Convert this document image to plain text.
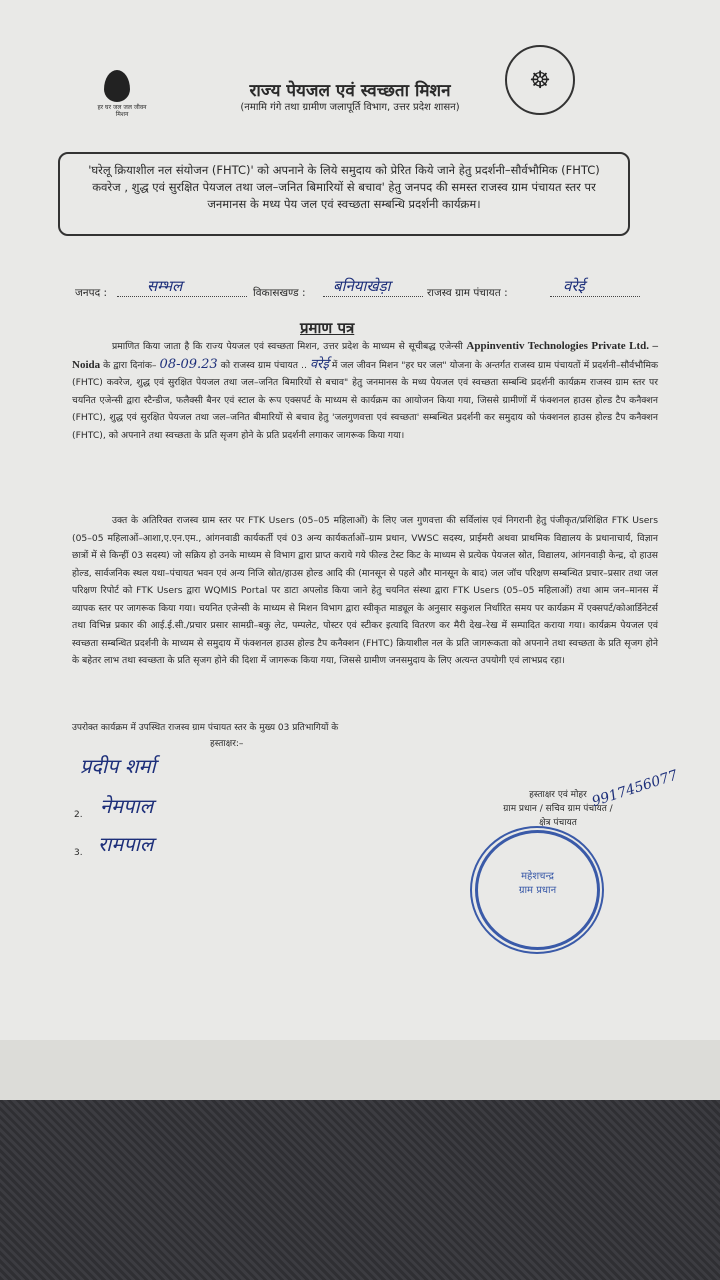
हर घर जल जल जीवन मिशन
☸
राज्य पेयजल एवं स्वच्छता मिशन
(नमामि गंगे तथा ग्रामीण जलापूर्ति विभाग, उत्तर प्रदेश शासन)
'घरेलू क्रियाशील नल संयोजन (FHTC)' को अपनाने के लिये समुदाय को प्रेरित किये जाने हेतु प्रदर्शनी–सौर्वभौमिक (FHTC) कवरेज , शुद्ध एवं सुरक्षित पेयजल तथा जल–जनित बिमारियों से बचाव' हेतु जनपद की समस्त राजस्व ग्राम पंचायत स्तर पर जनमानस के मध्य पेय जल एवं स्वच्छता सम्बन्धि प्रदर्शनी कार्यक्रम।
जनपद :	सम्भल	विकासखण्ड : बनियाखेड़ा	राजस्व ग्राम पंचायत :	वरेई
प्रमाण पत्र
प्रमाणित किया जाता है कि राज्य पेयजल एवं स्वच्छता मिशन, उत्तर प्रदेश के माध्यम से सूचीबद्ध एजेन्सी Appinventiv Technologies Private Ltd. – Noida के द्वारा दिनांक– 08-09.23 को राजस्व ग्राम पंचायत .. वरेई में जल जीवन मिशन "हर घर जल" योजना के अन्तर्गत राजस्व ग्राम पंचायतों में प्रदर्शनी–सौर्वभौमिक (FHTC) कवरेज, शुद्ध एवं सुरक्षित पेयजल तथा जल–जनित बिमारियों से बचाव" हेतु जनमानस के मध्य पेयजल एवं स्वच्छता सम्बन्धि प्रदर्शनी कार्यक्रम राजस्व ग्राम स्तर पर चयनित एजेन्सी द्वारा स्टैन्डीज, फलैक्सी बैनर एवं स्टाल के रूप एक्सपर्ट के माध्यम से कार्यक्रम का आयोजन किया गया, जिससे ग्रामीणों में फंक्शनल हाउस होल्ड टैप कनैक्शन (FHTC), शुद्ध एवं सुरक्षित पेयजल तथा जल–जनित बीमारियों से बचाव हेतु 'जलगुणवत्ता एवं स्वच्छता' सम्बन्धित प्रदर्शनी कर समुदाय को फंक्शनल हाउस होल्ड टैप कनैक्शन (FHTC), को अपनाने तथा स्वच्छता के प्रति सृजग होने के प्रति प्रदर्शनी लगाकर जागरूक किया गया।
उक्त के अतिरिक्त राजस्व ग्राम स्तर पर FTK Users (05–05 महिलाओं) के लिए जल गुणवत्ता की सर्विलांस एवं निगरानी हेतु पंजीकृत/प्रशिक्षित FTK Users (05–05 महिलाओं–आशा,ए.एन.एम., आंगनवाडी कार्यकर्ती एवं 03 अन्य कार्यकर्ताओं–ग्राम प्रधान, VWSC सदस्य, प्राईमरी अथवा प्राथमिक विद्यालय के प्रधानाचार्य, विज्ञान छात्रों में से किन्हीं 03 सदस्य) जो सक्रिय हो उनके माध्यम से विभाग द्वारा प्राप्त कराये गये फील्ड टेस्ट किट के माध्यम से प्रत्येक पेयजल स्रोत, विद्यालय, आंगनवाड़ी केन्द्र, दो हाउस होल्ड, सार्वजनिक स्थल यथा–पंचायत भवन एवं अन्य निजि स्रोत/हाउस होल्ड आदि की (मानसून से पहले और मानसून के बाद) जल जॉच परिक्षण सम्बन्धित प्रचार–प्रसार तथा जल परिक्षण रिपोर्ट को FTK Users द्वारा WQMIS Portal पर डाटा अपलोड किया जाने हेतु चयनित संस्था द्वारा FTK Users (05–05 महिलाओं) तथा आम जन–मानस में व्यापक स्तर पर जागरूक किया गया। चयनित एजेन्सी के माध्यम से मिशन विभाग द्वारा स्वीकृत माड्यूल के अनुसार सकुशल निर्धारित समय पर कार्यक्रम में एक्सपर्ट/कोआर्डिनेटर्स तथा विभिन्न प्रकार की आई.ई.सी./प्रचार प्रसार सामग्री–बकु लेट, पम्पलेट, पोस्टर एवं स्टीकर इत्यादि वितरण कर मैरी देख–रेख में सम्पादित कराया गया। कार्यक्रम पेयजल एवं स्वच्छता सम्बन्धित प्रदर्शनी के माध्यम से समुदाय में फंक्शनल हाउस होल्ड टैप कनैक्शन (FHTC) क्रियाशील नल के प्रति जागरूकता को अपनाने तथा स्वच्छता के प्रति सृजग होने के बहेतर लाभ तथा स्वच्छता के प्रति सृजग होने की दिशा में जागरूक किया गया, जिससे ग्रामीण जनसमुदाय के लिए अत्यन्त उपयोगी एवं लाभप्रद रहा।
उपरोक्त कार्यक्रम में उपस्थित राजस्व ग्राम पंचायत स्तर के मुख्य 03 प्रतिभागियों के
हस्ताक्षर:–
प्रदीप शर्मा
2. नेमपाल
3. रामपाल
हस्ताक्षर एवं मोहर
ग्राम प्रधान / सचिव ग्राम पंचायत /
क्षेत्र पंचायत
महेशचन्द्र
ग्राम प्रधान
9917456077
